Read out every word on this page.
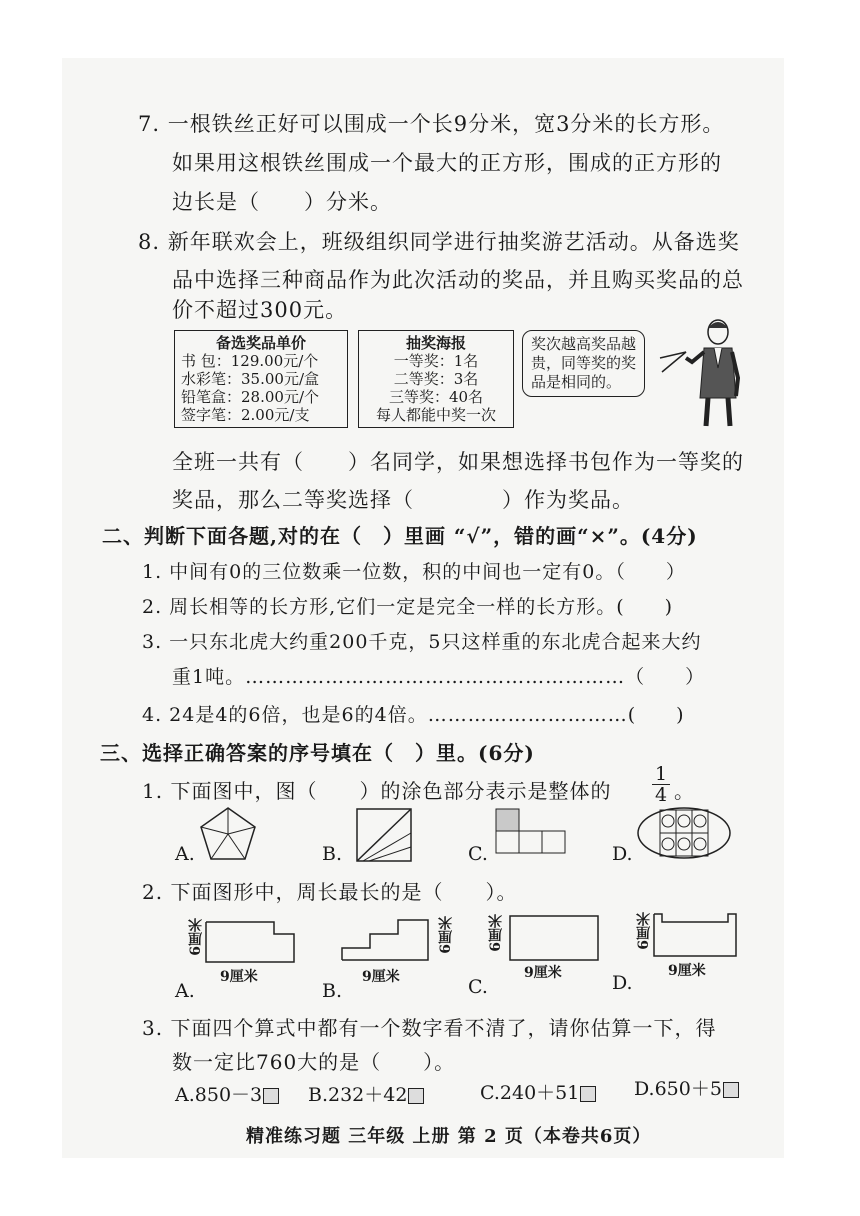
7. 一根铁丝正好可以围成一个长9分米，宽3分米的长方形。
如果用这根铁丝围成一个最大的正方形，围成的正方形的
边长是（　　）分米。
8. 新年联欢会上，班级组织同学进行抽奖游艺活动。从备选奖
品中选择三种商品作为此次活动的奖品，并且购买奖品的总
价不超过300元。
备选奖品单价
书 包：129.00元/个
水彩笔：35.00元/盒
铅笔盒：28.00元/个
签字笔：2.00元/支
抽奖海报
一等奖：1名
二等奖：3名
三等奖：40名
每人都能中奖一次
奖次越高奖品越
贵，同等奖的奖
品是相同的。
全班一共有（　　）名同学，如果想选择书包作为一等奖的
奖品，那么二等奖选择（　　　　）作为奖品。
二、判断下面各题,对的在（　）里画 “√”，错的画“×”。(4分)
1. 中间有0的三位数乘一位数，积的中间也一定有0。（　　）
2. 周长相等的长方形,它们一定是完全一样的长方形。(　　)
3. 一只东北虎大约重200千克，5只这样重的东北虎合起来大约
重1吨。…………………………………………………（　　）
4. 24是4的6倍，也是6的4倍。…………………………(　　)
三、选择正确答案的序号填在（　）里。(6分)
1. 下面图中，图（　　）的涂色部分表示是整体的 $\frac{1}{4}$ 。
A.	B.	C.	D.
2. 下面图形中，周长最长的是（　　）。
6厘米
9厘米
A.
6厘米
9厘米
B.
6厘米
9厘米
C.
6厘米
9厘米
D.
3. 下面四个算式中都有一个数字看不清了，请你估算一下，得
数一定比760大的是（　　）。
A.850－3	B.232＋42	C.240＋51	D.650＋5
精准练习题 三年级 上册 第 2 页（本卷共6页）
